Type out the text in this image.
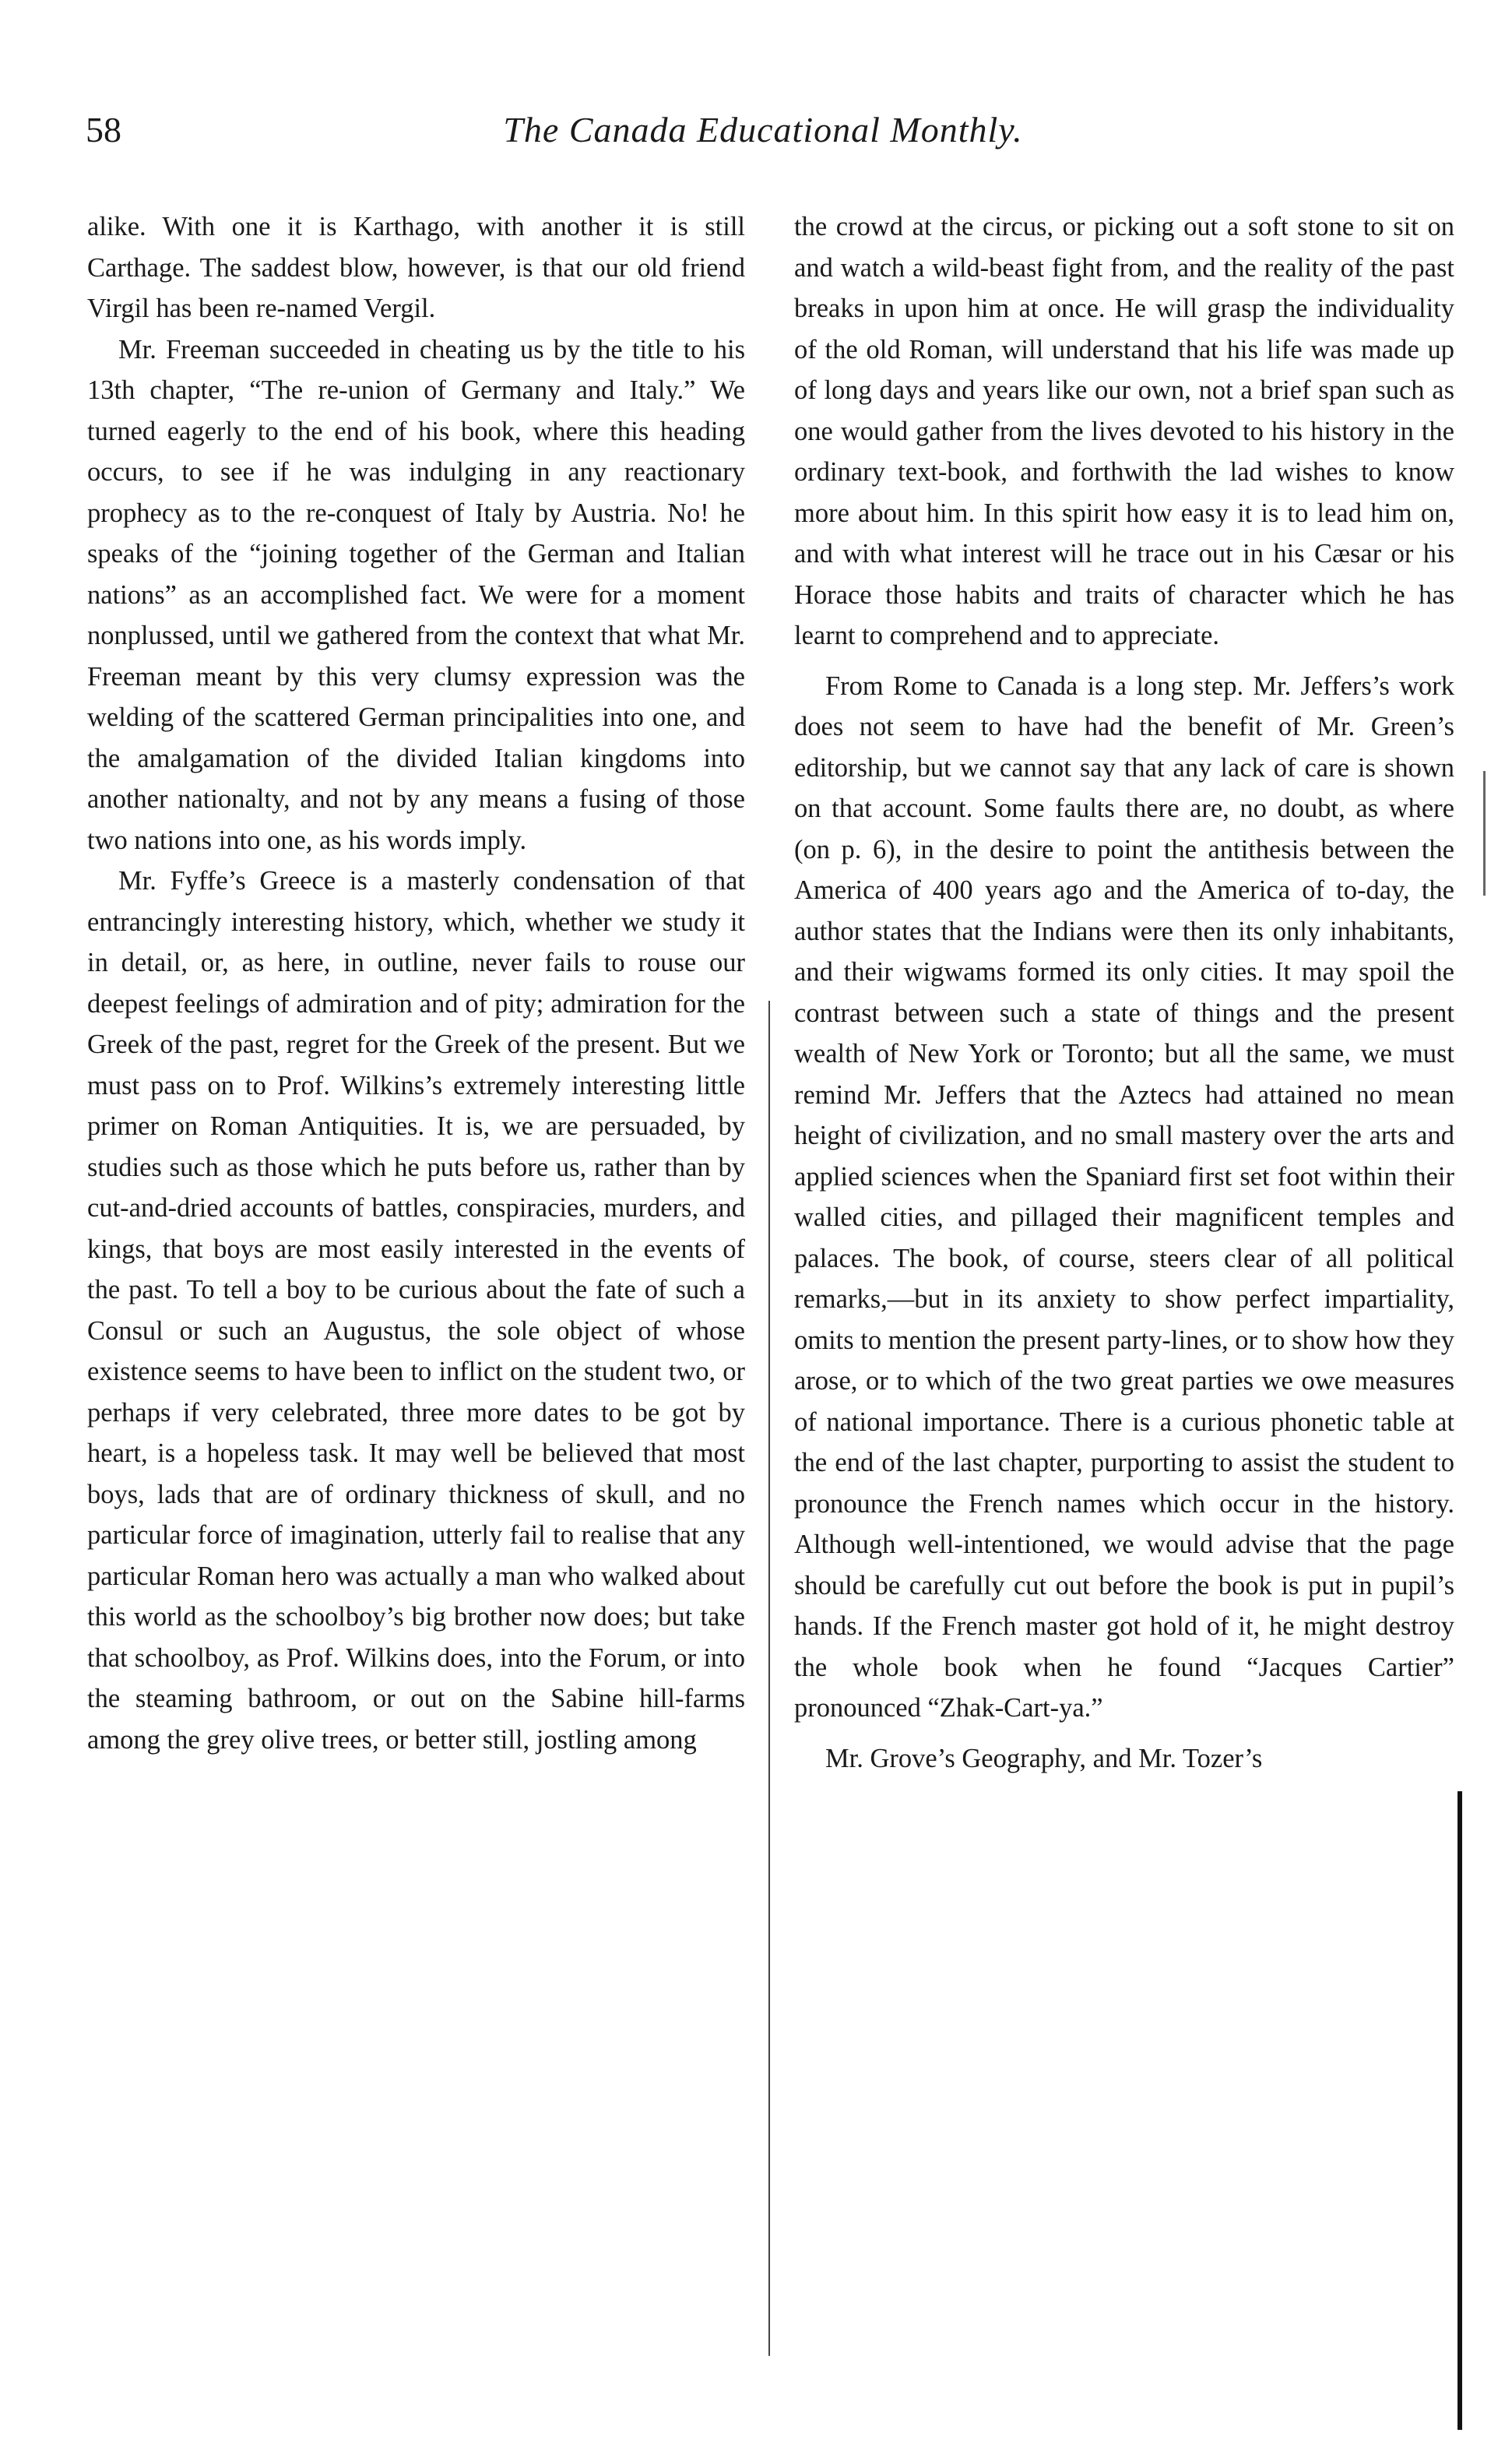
58	The Canada Educational Monthly.

alike. With one it is Karthago, with another it is still Carthage. The saddest blow, however, is that our old friend Virgil has been re-named Vergil.

Mr. Freeman succeeded in cheating us by the title to his 13th chapter, “The re-union of Germany and Italy.” We turned eagerly to the end of his book, where this heading occurs, to see if he was indulging in any reactionary prophecy as to the re-conquest of Italy by Austria. No! he speaks of the “joining together of the German and Italian nations” as an accomplished fact. We were for a moment nonplussed, until we gathered from the context that what Mr. Freeman meant by this very clumsy expression was the welding of the scattered German principalities into one, and the amalgamation of the divided Italian kingdoms into another nationalty, and not by any means a fusing of those two nations into one, as his words imply.

Mr. Fyffe’s Greece is a masterly condensation of that entrancingly interesting history, which, whether we study it in detail, or, as here, in outline, never fails to rouse our deepest feelings of admiration and of pity; admiration for the Greek of the past, regret for the Greek of the present. But we must pass on to Prof. Wilkins’s extremely interesting little primer on Roman Antiquities. It is, we are persuaded, by studies such as those which he puts before us, rather than by cut-and-dried accounts of battles, conspiracies, murders, and kings, that boys are most easily interested in the events of the past. To tell a boy to be curious about the fate of such a Consul or such an Augustus, the sole object of whose existence seems to have been to inflict on the student two, or perhaps if very celebrated, three more dates to be got by heart, is a hopeless task. It may well be believed that most boys, lads that are of ordinary thickness of skull, and no particular force of imagination, utterly fail to realise that any particular Roman hero was actually a man who walked about this world as the schoolboy’s big brother now does; but take that schoolboy, as Prof. Wilkins does, into the Forum, or into the steaming bathroom, or out on the Sabine hill-farms among the grey olive trees, or better still, jostling among

the crowd at the circus, or picking out a soft stone to sit on and watch a wild-beast fight from, and the reality of the past breaks in upon him at once. He will grasp the individuality of the old Roman, will understand that his life was made up of long days and years like our own, not a brief span such as one would gather from the lives devoted to his history in the ordinary text-book, and forthwith the lad wishes to know more about him. In this spirit how easy it is to lead him on, and with what interest will he trace out in his Cæsar or his Horace those habits and traits of character which he has learnt to comprehend and to appreciate.

From Rome to Canada is a long step. Mr. Jeffers’s work does not seem to have had the benefit of Mr. Green’s editorship, but we cannot say that any lack of care is shown on that account. Some faults there are, no doubt, as where (on p. 6), in the desire to point the antithesis between the America of 400 years ago and the America of to-day, the author states that the Indians were then its only inhabitants, and their wigwams formed its only cities. It may spoil the contrast between such a state of things and the present wealth of New York or Toronto; but all the same, we must remind Mr. Jeffers that the Aztecs had attained no mean height of civilization, and no small mastery over the arts and applied sciences when the Spaniard first set foot within their walled cities, and pillaged their magnificent temples and palaces. The book, of course, steers clear of all political remarks,—but in its anxiety to show perfect impartiality, omits to mention the present party-lines, or to show how they arose, or to which of the two great parties we owe measures of national importance. There is a curious phonetic table at the end of the last chapter, purporting to assist the student to pronounce the French names which occur in the history. Although well-intentioned, we would advise that the page should be carefully cut out before the book is put in pupil’s hands. If the French master got hold of it, he might destroy the whole book when he found “Jacques Cartier” pronounced “Zhak-Cart-ya.”

Mr. Grove’s Geography, and Mr. Tozer’s
